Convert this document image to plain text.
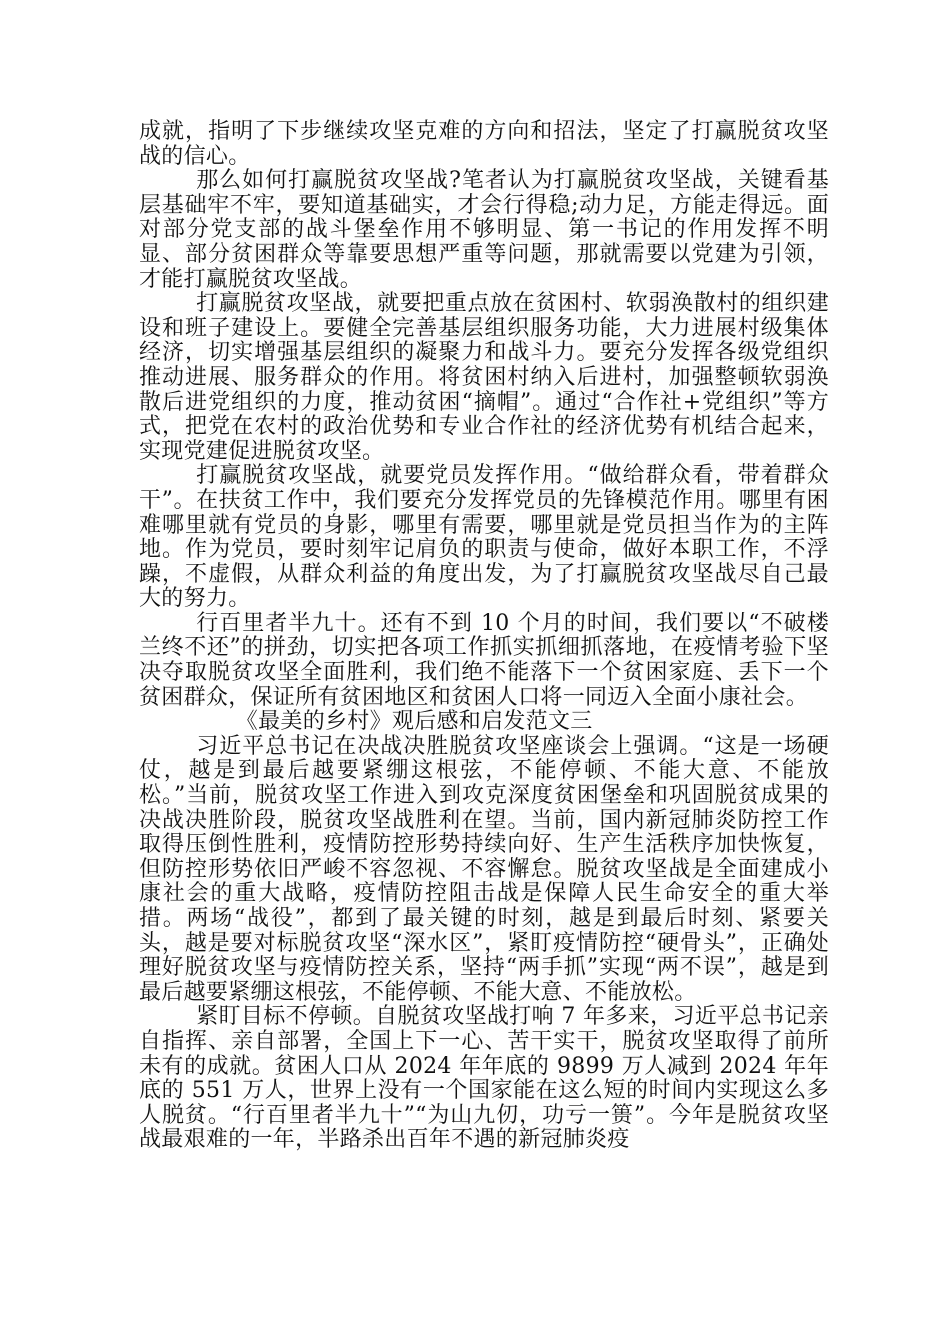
成就，指明了下步继续攻坚克难的方向和招法，坚定了打赢脱贫攻坚战的信心。

那么如何打赢脱贫攻坚战?笔者认为打赢脱贫攻坚战，关键看基层基础牢不牢，要知道基础实，才会行得稳;动力足，方能走得远。面对部分党支部的战斗堡垒作用不够明显、第一书记的作用发挥不明显、部分贫困群众等靠要思想严重等问题，那就需要以党建为引领，才能打赢脱贫攻坚战。

打赢脱贫攻坚战，就要把重点放在贫困村、软弱涣散村的组织建设和班子建设上。要健全完善基层组织服务功能，大力进展村级集体经济，切实增强基层组织的凝聚力和战斗力。要充分发挥各级党组织推动进展、服务群众的作用。将贫困村纳入后进村，加强整顿软弱涣散后进党组织的力度，推动贫困“摘帽”。通过“合作社+党组织”等方式，把党在农村的政治优势和专业合作社的经济优势有机结合起来，实现党建促进脱贫攻坚。

打赢脱贫攻坚战，就要党员发挥作用。“做给群众看，带着群众干”。在扶贫工作中，我们要充分发挥党员的先锋模范作用。哪里有困难哪里就有党员的身影，哪里有需要，哪里就是党员担当作为的主阵地。作为党员，要时刻牢记肩负的职责与使命，做好本职工作，不浮躁，不虚假，从群众利益的角度出发，为了打赢脱贫攻坚战尽自己最大的努力。

行百里者半九十。还有不到 10 个月的时间，我们要以“不破楼兰终不还”的拼劲，切实把各项工作抓实抓细抓落地，在疫情考验下坚决夺取脱贫攻坚全面胜利，我们绝不能落下一个贫困家庭、丢下一个贫困群众，保证所有贫困地区和贫困人口将一同迈入全面小康社会。

《最美的乡村》观后感和启发范文三

习近平总书记在决战决胜脱贫攻坚座谈会上强调。“这是一场硬仗，越是到最后越要紧绷这根弦，不能停顿、不能大意、不能放松。”当前，脱贫攻坚工作进入到攻克深度贫困堡垒和巩固脱贫成果的决战决胜阶段，脱贫攻坚战胜利在望。当前，国内新冠肺炎防控工作取得压倒性胜利，疫情防控形势持续向好、生产生活秩序加快恢复，但防控形势依旧严峻不容忽视、不容懈怠。脱贫攻坚战是全面建成小康社会的重大战略，疫情防控阻击战是保障人民生命安全的重大举措。两场“战役”，都到了最关键的时刻，越是到最后时刻、紧要关头，越是要对标脱贫攻坚“深水区”，紧盯疫情防控“硬骨头”，正确处理好脱贫攻坚与疫情防控关系，坚持“两手抓”实现“两不误”，越是到最后越要紧绷这根弦，不能停顿、不能大意、不能放松。

紧盯目标不停顿。自脱贫攻坚战打响 7 年多来，习近平总书记亲自指挥、亲自部署，全国上下一心、苦干实干，脱贫攻坚取得了前所未有的成就。贫困人口从 2024 年年底的 9899 万人减到 2024 年年底的 551 万人，世界上没有一个国家能在这么短的时间内实现这么多人脱贫。“行百里者半九十”“为山九仞，功亏一篑”。今年是脱贫攻坚战最艰难的一年，半路杀出百年不遇的新冠肺炎疫
